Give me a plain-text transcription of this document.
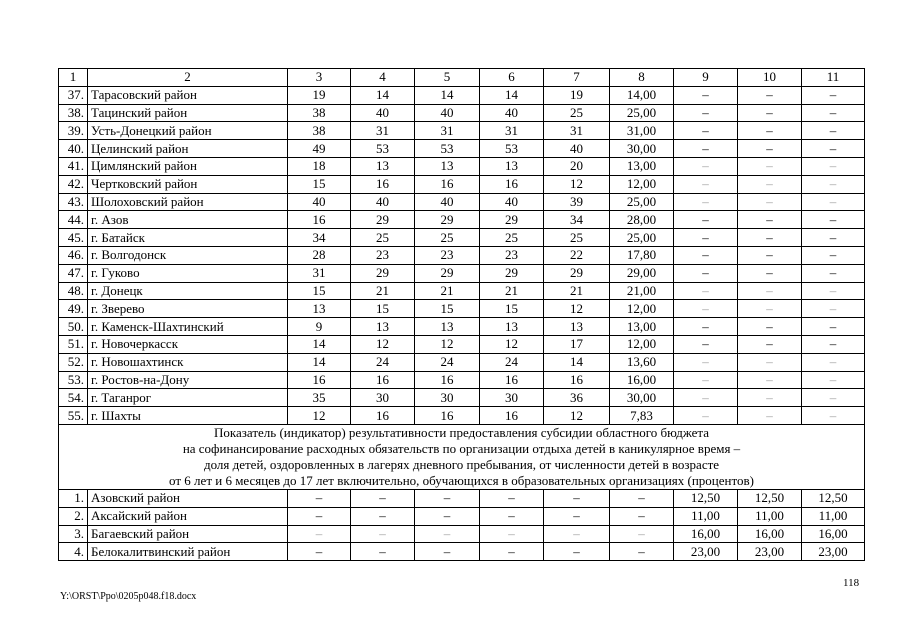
1	2	3	4	5	6	7	8	9	10	11
37.	Тарасовский район	19	14	14	14	19	14,00	–	–	–
38.	Тацинский район	38	40	40	40	25	25,00	–	–	–
39.	Усть-Донецкий район	38	31	31	31	31	31,00	–	–	–
40.	Целинский район	49	53	53	53	40	30,00	–	–	–
41.	Цимлянский район	18	13	13	13	20	13,00	–	–	–
42.	Чертковский район	15	16	16	16	12	12,00	–	–	–
43.	Шолоховский район	40	40	40	40	39	25,00	–	–	–
44.	г. Азов	16	29	29	29	34	28,00	–	–	–
45.	г. Батайск	34	25	25	25	25	25,00	–	–	–
46.	г. Волгодонск	28	23	23	23	22	17,80	–	–	–
47.	г. Гуково	31	29	29	29	29	29,00	–	–	–
48.	г. Донецк	15	21	21	21	21	21,00	–	–	–
49.	г. Зверево	13	15	15	15	12	12,00	–	–	–
50.	г. Каменск-Шахтинский	9	13	13	13	13	13,00	–	–	–
51.	г. Новочеркасск	14	12	12	12	17	12,00	–	–	–
52.	г. Новошахтинск	14	24	24	24	14	13,60	–	–	–
53.	г. Ростов-на-Дону	16	16	16	16	16	16,00	–	–	–
54.	г. Таганрог	35	30	30	30	36	30,00	–	–	–
55.	г. Шахты	12	16	16	16	12	7,83	–	–	–

Показатель (индикатор) результативности предоставления субсидии областного бюджета
на софинансирование расходных обязательств по организации отдыха детей в каникулярное время –
доля детей, оздоровленных в лагерях дневного пребывания, от численности детей в возрасте
от 6 лет и 6 месяцев до 17 лет включительно, обучающихся в образовательных организациях (процентов)										

1.	Азовский район	–	–	–	–	–	–	12,50	12,50	12,50
2.	Аксайский район	–	–	–	–	–	–	11,00	11,00	11,00
3.	Багаевский район	–	–	–	–	–	–	16,00	16,00	16,00
4.	Белокалитвинский район	–	–	–	–	–	–	23,00	23,00	23,00
118
Y:\ORST\Ppo\0205p048.f18.docx
